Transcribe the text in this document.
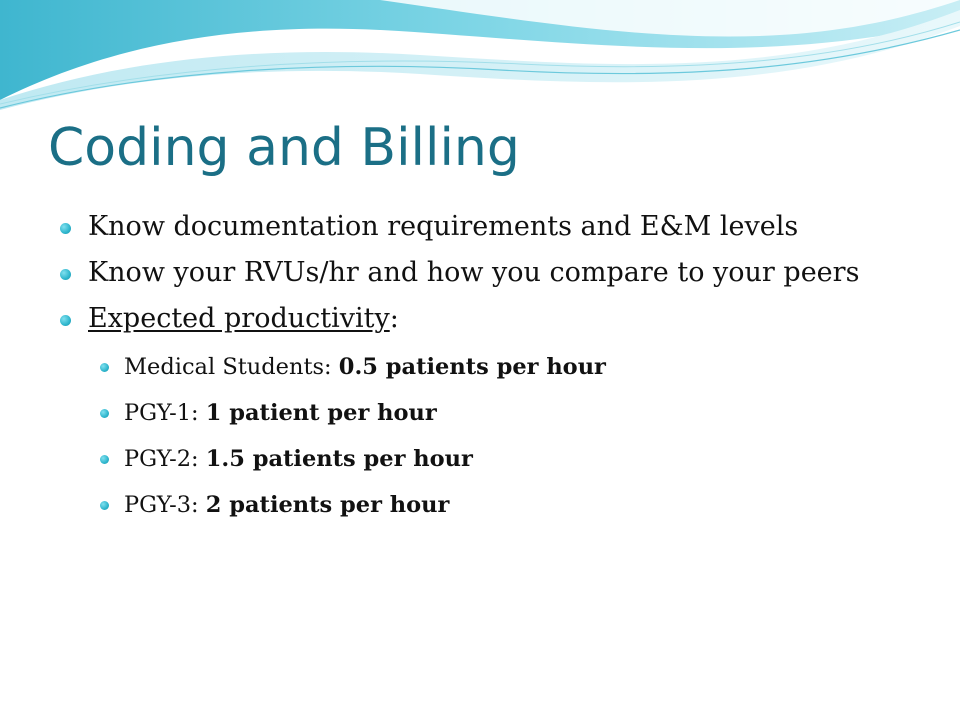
Coding and Billing
Know documentation requirements and E&M levels
Know your RVUs/hr and how you compare to your peers
Expected productivity:
Medical Students: 0.5 patients per hour
PGY-1: 1 patient per hour
PGY-2: 1.5 patients per hour
PGY-3: 2 patients per hour
